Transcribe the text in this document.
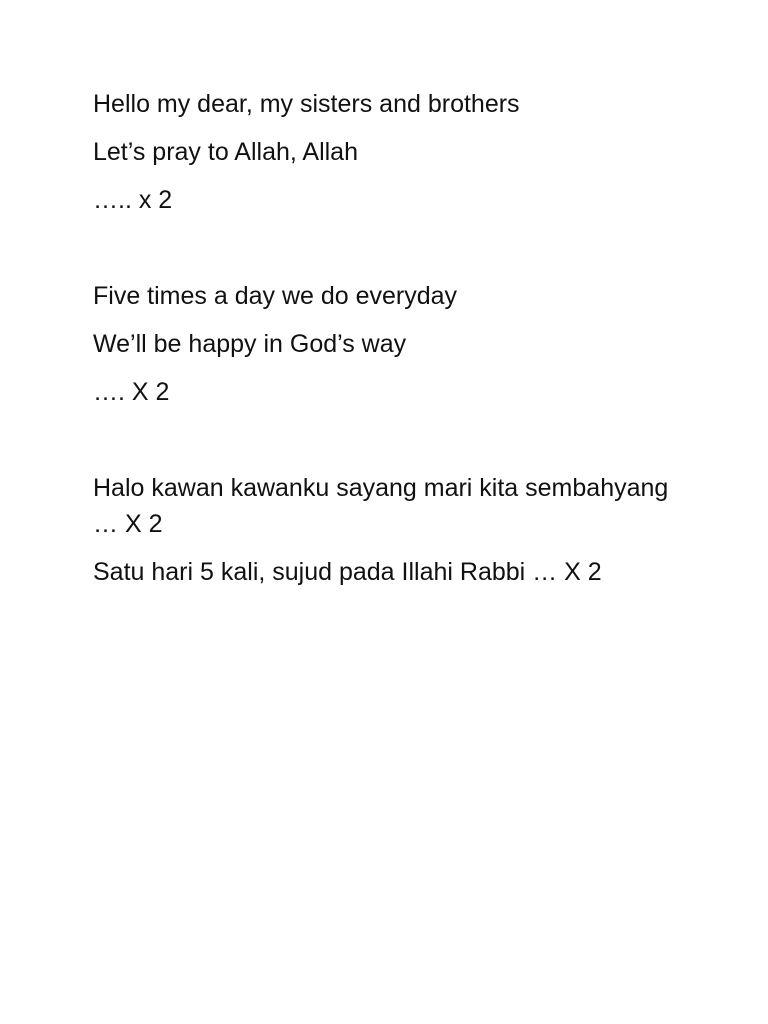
Hello my dear, my sisters and brothers

Let’s pray to Allah, Allah

….. x 2

Five times a day we do everyday

We’ll be happy in God’s way

…. X 2

Halo kawan kawanku sayang mari kita sembahyang … X 2

Satu hari 5 kali, sujud pada Illahi Rabbi … X 2
